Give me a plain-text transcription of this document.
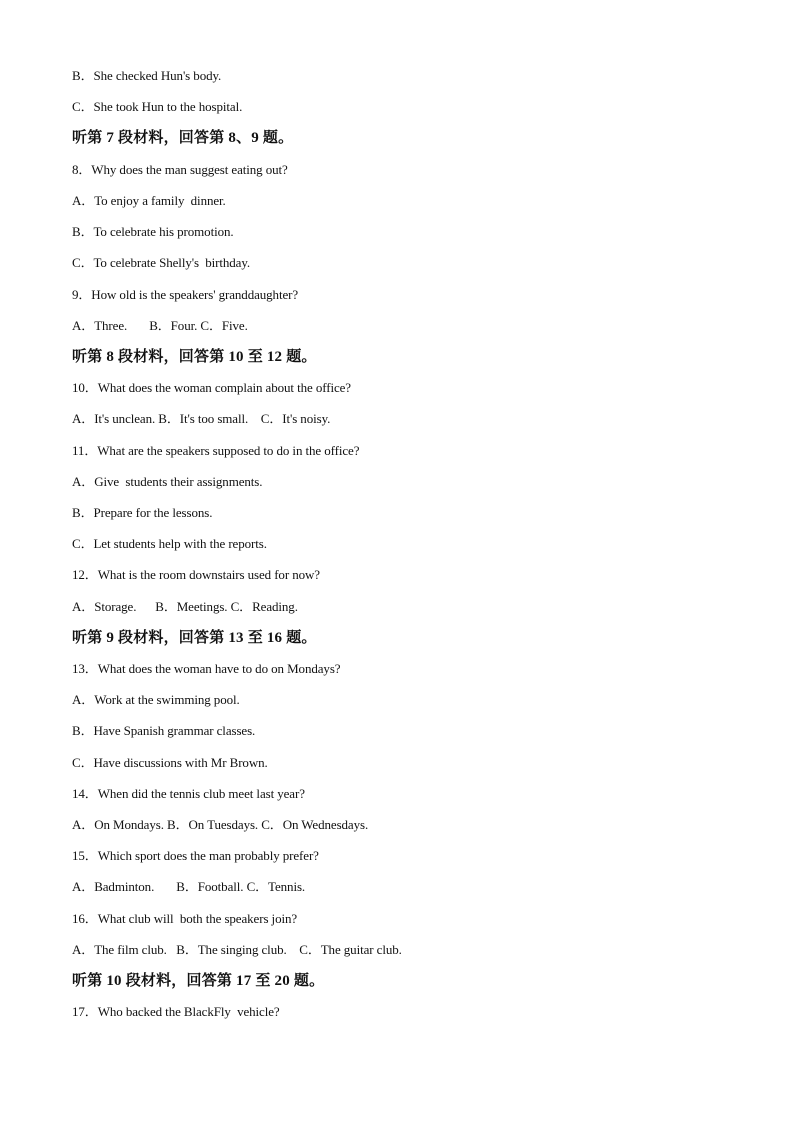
B．She checked Hun's body.
C．She took Hun to the hospital.
听第 7 段材料，回答第 8、9 题。
8．Why does the man suggest eating out?
A．To enjoy a family  dinner.
B．To celebrate his promotion.
C．To celebrate Shelly's  birthday.
9．How old is the speakers' granddaughter?
A．Three.       B．Four. C．Five.
听第 8 段材料，回答第 10 至 12 题。
10．What does the woman complain about the office?
A．It's unclean. B．It's too small.    C．It's noisy.
11．What are the speakers supposed to do in the office?
A．Give  students their assignments.
B．Prepare for the lessons.
C．Let students help with the reports.
12．What is the room downstairs used for now?
A．Storage.      B．Meetings. C．Reading.
听第 9 段材料，回答第 13 至 16 题。
13．What does the woman have to do on Mondays?
A．Work at the swimming pool.
B．Have Spanish grammar classes.
C．Have discussions with Mr Brown.
14．When did the tennis club meet last year?
A．On Mondays. B．On Tuesdays. C．On Wednesdays.
15．Which sport does the man probably prefer?
A．Badminton.       B．Football. C．Tennis.
16．What club will  both the speakers join?
A．The film club.   B．The singing club.    C．The guitar club.
听第 10 段材料，回答第 17 至 20 题。
17．Who backed the BlackFly  vehicle?
